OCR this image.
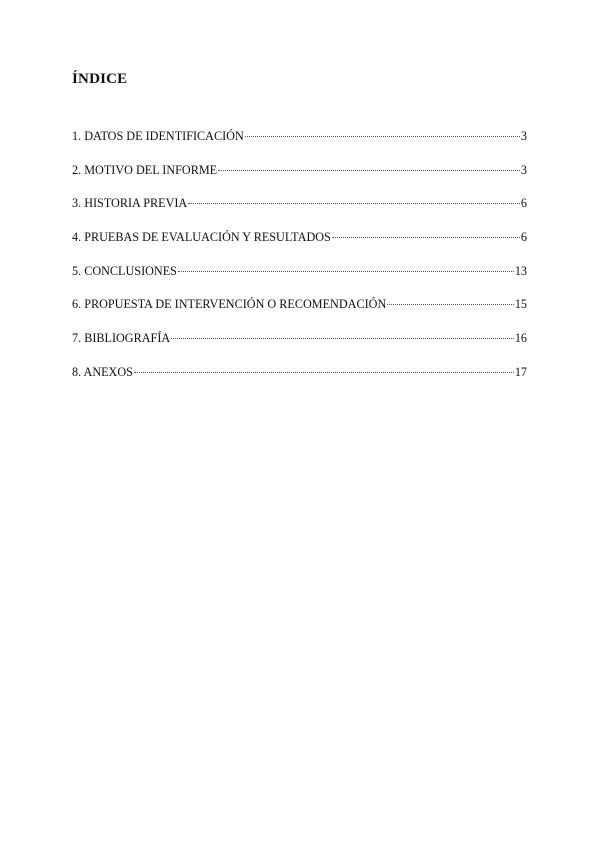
ÍNDICE
1. DATOS DE IDENTIFICACIÓN	3
2. MOTIVO DEL INFORME	3
3. HISTORIA PREVIA	6
4. PRUEBAS DE EVALUACIÓN Y RESULTADOS	6
5. CONCLUSIONES	13
6. PROPUESTA DE INTERVENCIÓN O RECOMENDACIÓN	15
7. BIBLIOGRAFÍA	16
8. ANEXOS	17
